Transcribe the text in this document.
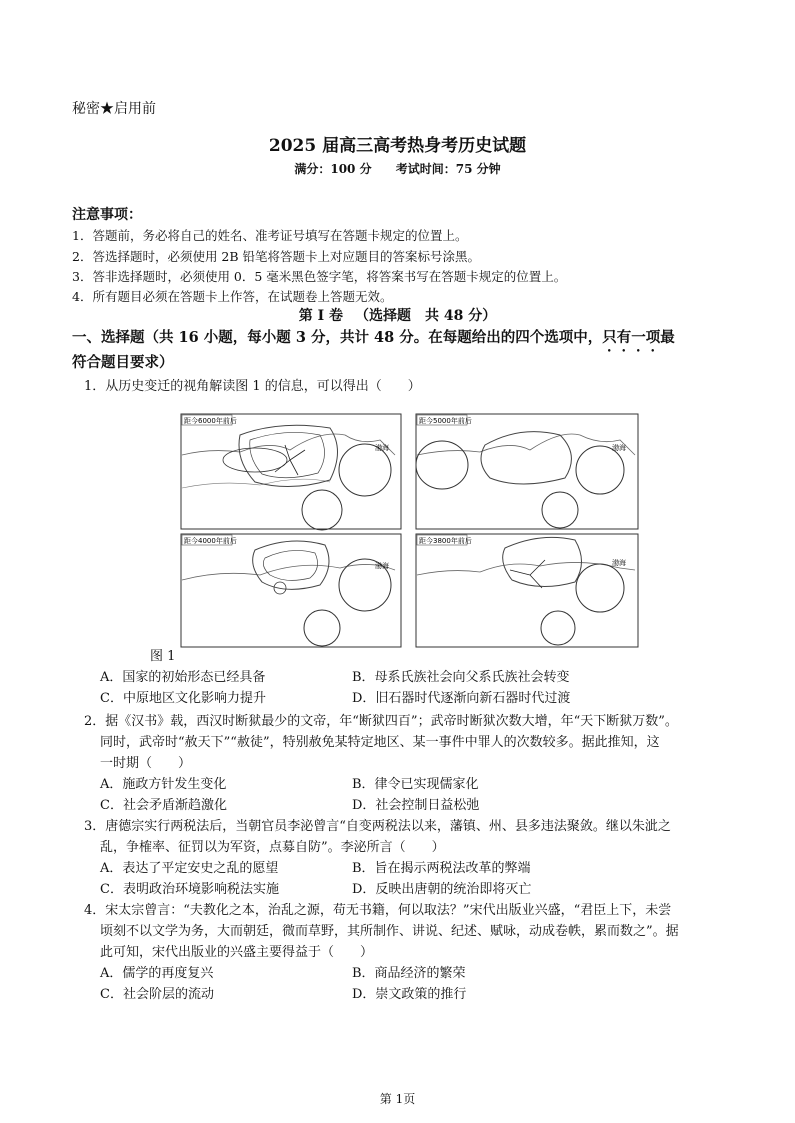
秘密★启用前
2025 届高三高考热身考历史试题
满分：100 分 考试时间：75 分钟
注意事项：
1．答题前，务必将自己的姓名、准考证号填写在答题卡规定的位置上。
2．答选择题时，必须使用 2B 铅笔将答题卡上对应题目的答案标号涂黑。
3．答非选择题时，必须使用 0．5 毫米黑色签字笔，将答案书写在答题卡规定的位置上。
4．所有题目必须在答题卡上作答，在试题卷上答题无效。
第 Ⅰ 卷 （选择题　共 48 分）
一、选择题（共 16 小题，每小题 3 分，共计 48 分。在每题给出的四个选项中，只有一项最
符合题目要求）
1．从历史变迁的视角解读图 1 的信息，可以得出（　　）
距今6000年前后
渤海
距今5000年前后
渤海
距今4000年前后
渤海
距今3800年前后
渤海
图 1
A．国家的初始形态已经具备	B．母系氏族社会向父系氏族社会转变
C．中原地区文化影响力提升	D．旧石器时代逐渐向新石器时代过渡
2．据《汉书》载，西汉时断狱最少的文帝，年“断狱四百”；武帝时断狱次数大增，年“天下断狱万数”。
同时，武帝时“赦天下”“赦徒”，特别赦免某特定地区、某一事件中罪人的次数较多。据此推知，这
一时期（　　）
A．施政方针发生变化	B．律令已实现儒家化
C．社会矛盾渐趋激化	D．社会控制日益松弛
3．唐德宗实行两税法后，当朝官员李泌曾言“自变两税法以来，藩镇、州、县多违法聚敛。继以朱泚之
乱，争榷率、征罚以为军资，点募自防”。李泌所言（　　）
A．表达了平定安史之乱的愿望	B．旨在揭示两税法改革的弊端
C．表明政治环境影响税法实施	D．反映出唐朝的统治即将灭亡
4．宋太宗曾言：“夫教化之本，治乱之源，苟无书籍，何以取法？”宋代出版业兴盛，“君臣上下，未尝
顷刻不以文学为务，大而朝廷，微而草野，其所制作、讲说、纪述、赋咏，动成卷帙，累而数之”。据
此可知，宋代出版业的兴盛主要得益于（　　）
A．儒学的再度复兴	B．商品经济的繁荣
C．社会阶层的流动	D．崇文政策的推行
第 1页
